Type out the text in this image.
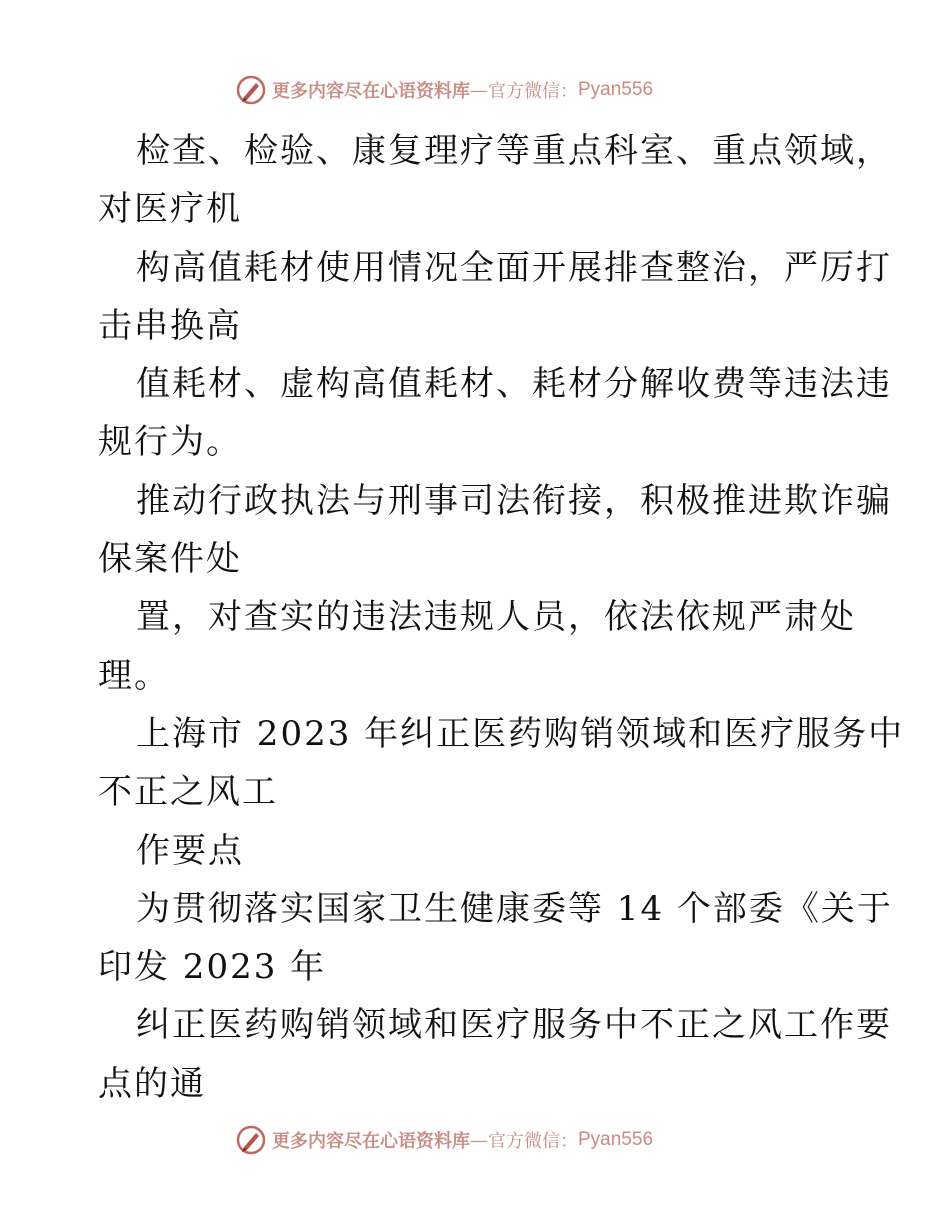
更多内容尽在心语资料库 — 官方微信： Pyan556
检查、检验、康复理疗等重点科室、重点领域，
对医疗机
构高值耗材使用情况全面开展排查整治，严厉打
击串换高
值耗材、虚构高值耗材、耗材分解收费等违法违
规行为。
推动行政执法与刑事司法衔接，积极推进欺诈骗
保案件处
置，对查实的违法违规人员，依法依规严肃处
理。
上海市 2023 年纠正医药购销领域和医疗服务中
不正之风工
作要点
为贯彻落实国家卫生健康委等 14 个部委《关于
印发 2023 年
纠正医药购销领域和医疗服务中不正之风工作要
点的通
更多内容尽在心语资料库 — 官方微信： Pyan556
